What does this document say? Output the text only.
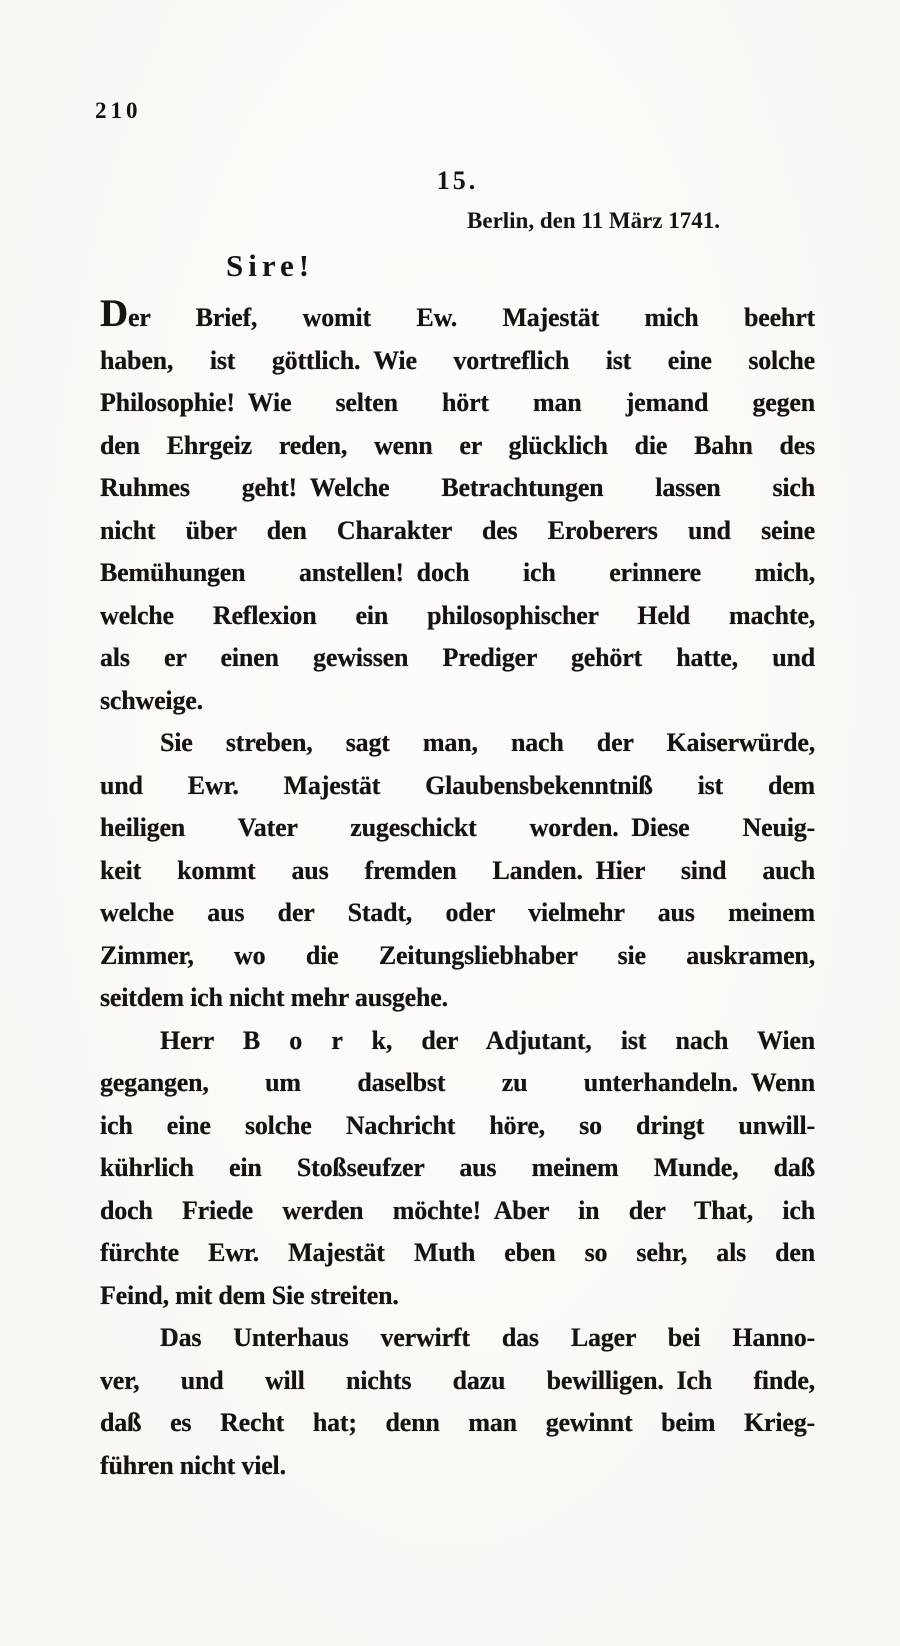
210
15.
Berlin, den 11 März 1741.
Sire!
Der Brief, womit Ew. Majestät mich beehrt
haben, ist göttlich. Wie vortreflich ist eine solche
Philosophie! Wie selten hört man jemand gegen
den Ehrgeiz reden, wenn er glücklich die Bahn des
Ruhmes geht! Welche Betrachtungen lassen sich
nicht über den Charakter des Eroberers und seine
Bemühungen anstellen! doch ich erinnere mich,
welche Reflexion ein philosophischer Held machte,
als er einen gewissen Prediger gehört hatte, und
schweige.
Sie streben, sagt man, nach der Kaiserwürde,
und Ewr. Majestät Glaubensbekenntniß ist dem
heiligen Vater zugeschickt worden. Diese Neuig-
keit kommt aus fremden Landen. Hier sind auch
welche aus der Stadt, oder vielmehr aus meinem
Zimmer, wo die Zeitungsliebhaber sie auskramen,
seitdem ich nicht mehr ausgehe.
Herr B o r k, der Adjutant, ist nach Wien
gegangen, um daselbst zu unterhandeln. Wenn
ich eine solche Nachricht höre, so dringt unwill-
kührlich ein Stoßseufzer aus meinem Munde, daß
doch Friede werden möchte! Aber in der That, ich
fürchte Ewr. Majestät Muth eben so sehr, als den
Feind, mit dem Sie streiten.
Das Unterhaus verwirft das Lager bei Hanno-
ver, und will nichts dazu bewilligen. Ich finde,
daß es Recht hat; denn man gewinnt beim Krieg-
führen nicht viel.
